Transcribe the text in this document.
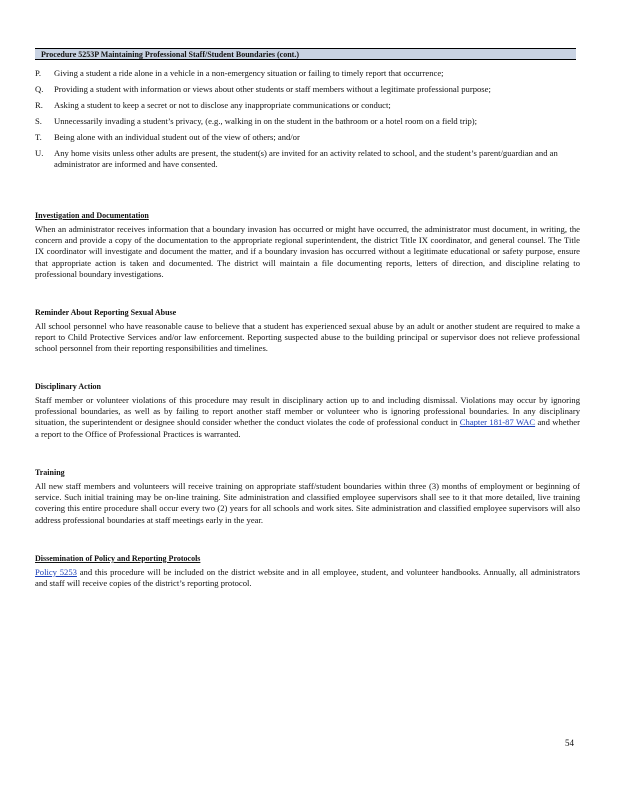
Procedure 5253P Maintaining Professional Staff/Student Boundaries (cont.)
P. Giving a student a ride alone in a vehicle in a non-emergency situation or failing to timely report that occurrence;
Q. Providing a student with information or views about other students or staff members without a legitimate professional purpose;
R. Asking a student to keep a secret or not to disclose any inappropriate communications or conduct;
S. Unnecessarily invading a student’s privacy, (e.g., walking in on the student in the bathroom or a hotel room on a field trip);
T. Being alone with an individual student out of the view of others; and/or
U. Any home visits unless other adults are present, the student(s) are invited for an activity related to school, and the student’s parent/guardian and an administrator are informed and have consented.
Investigation and Documentation
When an administrator receives information that a boundary invasion has occurred or might have occurred, the administrator must document, in writing, the concern and provide a copy of the documentation to the appropriate regional superintendent, the district Title IX coordinator, and general counsel. The Title IX coordinator will investigate and document the matter, and if a boundary invasion has occurred without a legitimate educational or safety purpose, ensure that appropriate action is taken and documented. The district will maintain a file documenting reports, letters of direction, and discipline relating to professional boundary investigations.
Reminder About Reporting Sexual Abuse
All school personnel who have reasonable cause to believe that a student has experienced sexual abuse by an adult or another student are required to make a report to Child Protective Services and/or law enforcement. Reporting suspected abuse to the building principal or supervisor does not relieve professional school personnel from their reporting responsibilities and timelines.
Disciplinary Action
Staff member or volunteer violations of this procedure may result in disciplinary action up to and including dismissal. Violations may occur by ignoring professional boundaries, as well as by failing to report another staff member or volunteer who is ignoring professional boundaries. In any disciplinary situation, the superintendent or designee should consider whether the conduct violates the code of professional conduct in Chapter 181-87 WAC and whether a report to the Office of Professional Practices is warranted.
Training
All new staff members and volunteers will receive training on appropriate staff/student boundaries within three (3) months of employment or beginning of service. Such initial training may be on-line training. Site administration and classified employee supervisors shall see to it that more detailed, live training covering this entire procedure shall occur every two (2) years for all schools and work sites. Site administration and classified employee supervisors will also address professional boundaries at staff meetings early in the year.
Dissemination of Policy and Reporting Protocols
Policy 5253 and this procedure will be included on the district website and in all employee, student, and volunteer handbooks. Annually, all administrators and staff will receive copies of the district’s reporting protocol.
54
